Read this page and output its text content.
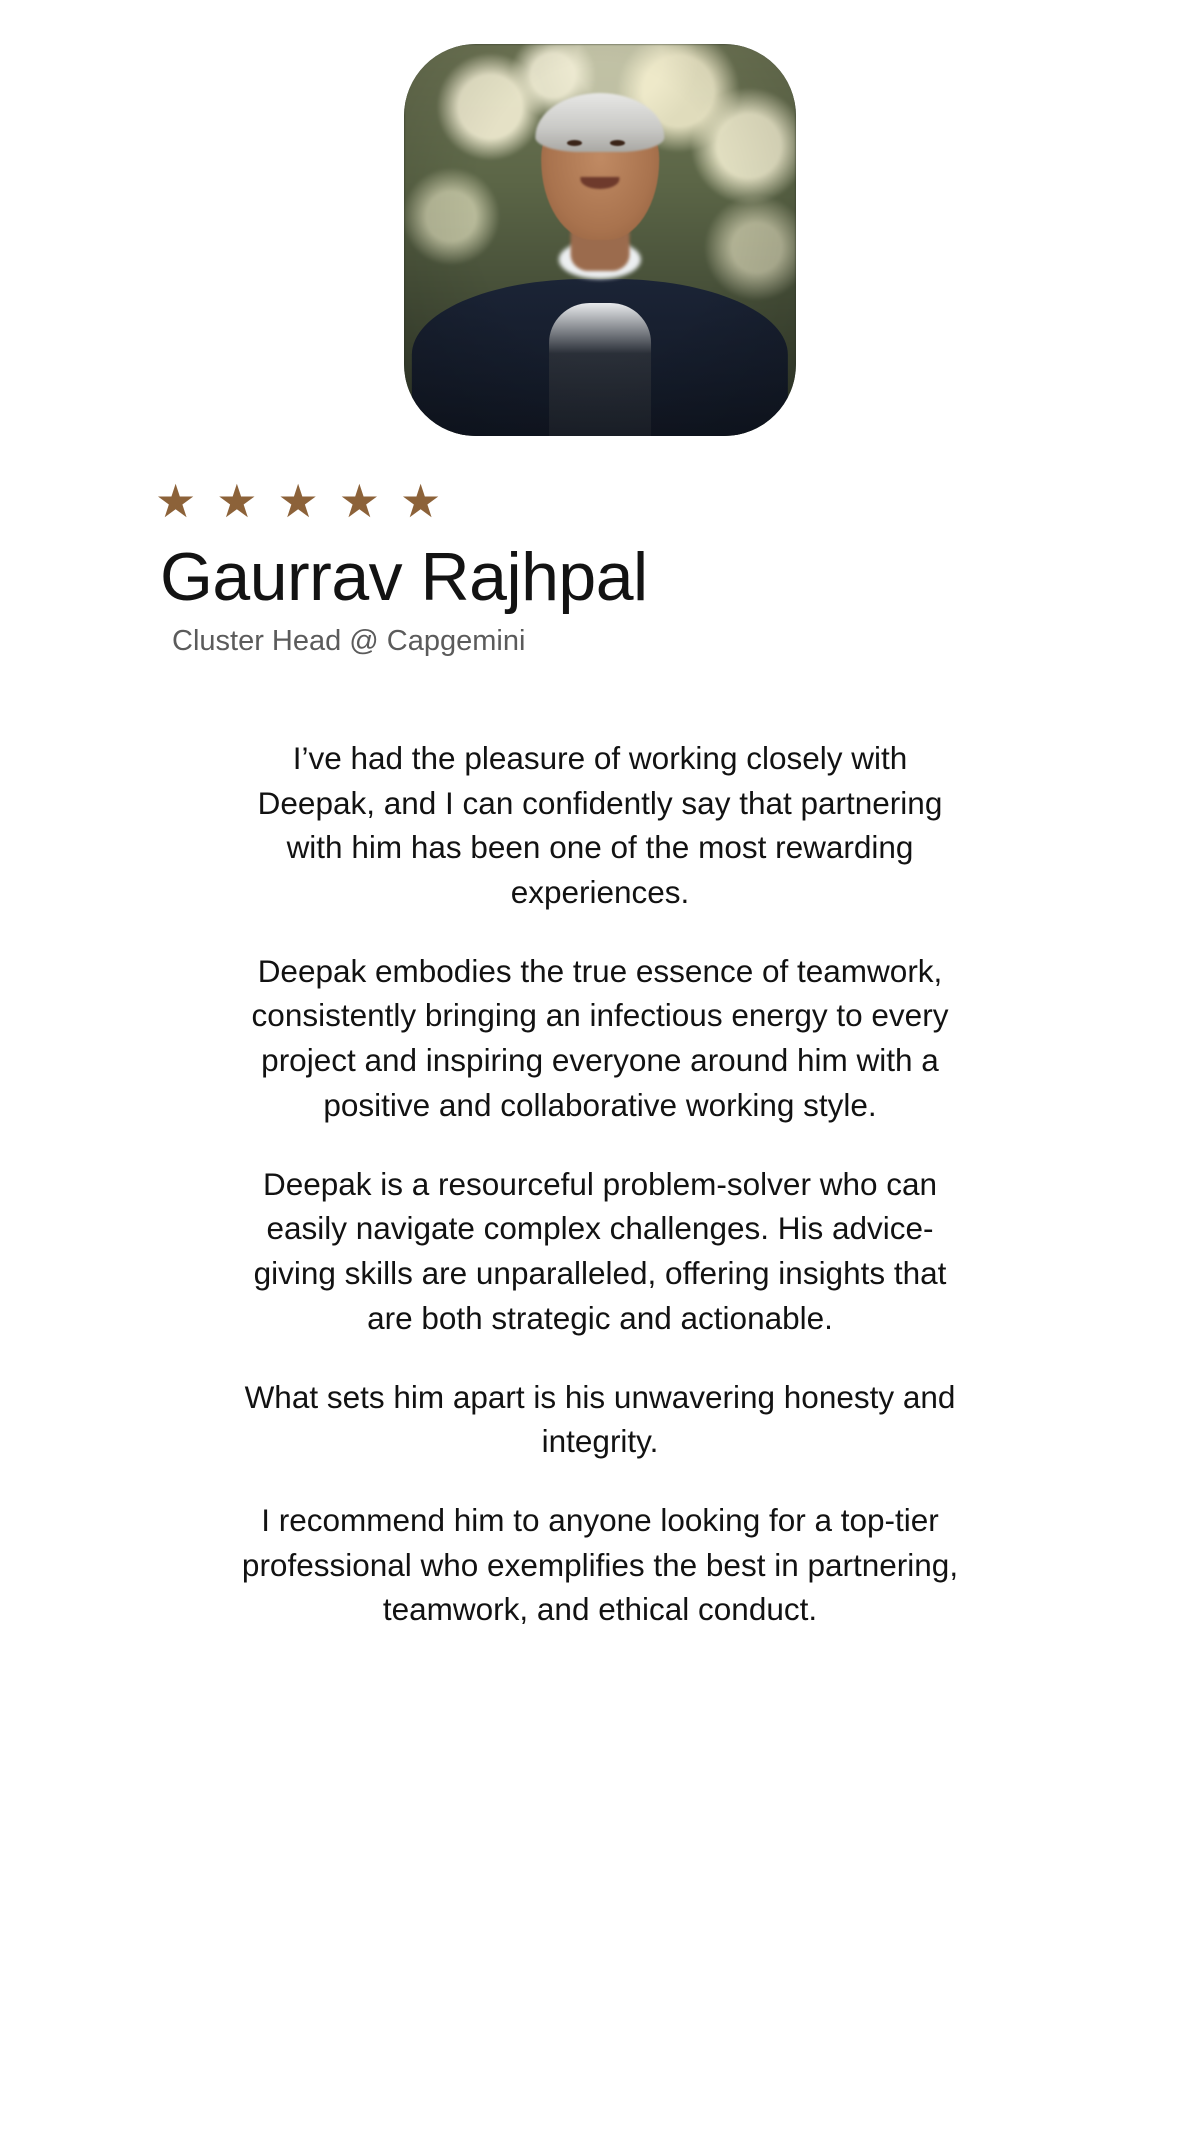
★ ★ ★ ★ ★
Gaurrav Rajhpal
Cluster Head @ Capgemini

I’ve had the pleasure of working closely with Deepak, and I can confidently say that partnering with him has been one of the most rewarding experiences.

Deepak embodies the true essence of teamwork, consistently bringing an infectious energy to every project and inspiring everyone around him with a positive and collaborative working style.

Deepak is a resourceful problem-solver who can easily navigate complex challenges. His advice-giving skills are unparalleled, offering insights that are both strategic and actionable.

What sets him apart is his unwavering honesty and integrity.

I recommend him to anyone looking for a top-tier professional who exemplifies the best in partnering, teamwork, and ethical conduct.
